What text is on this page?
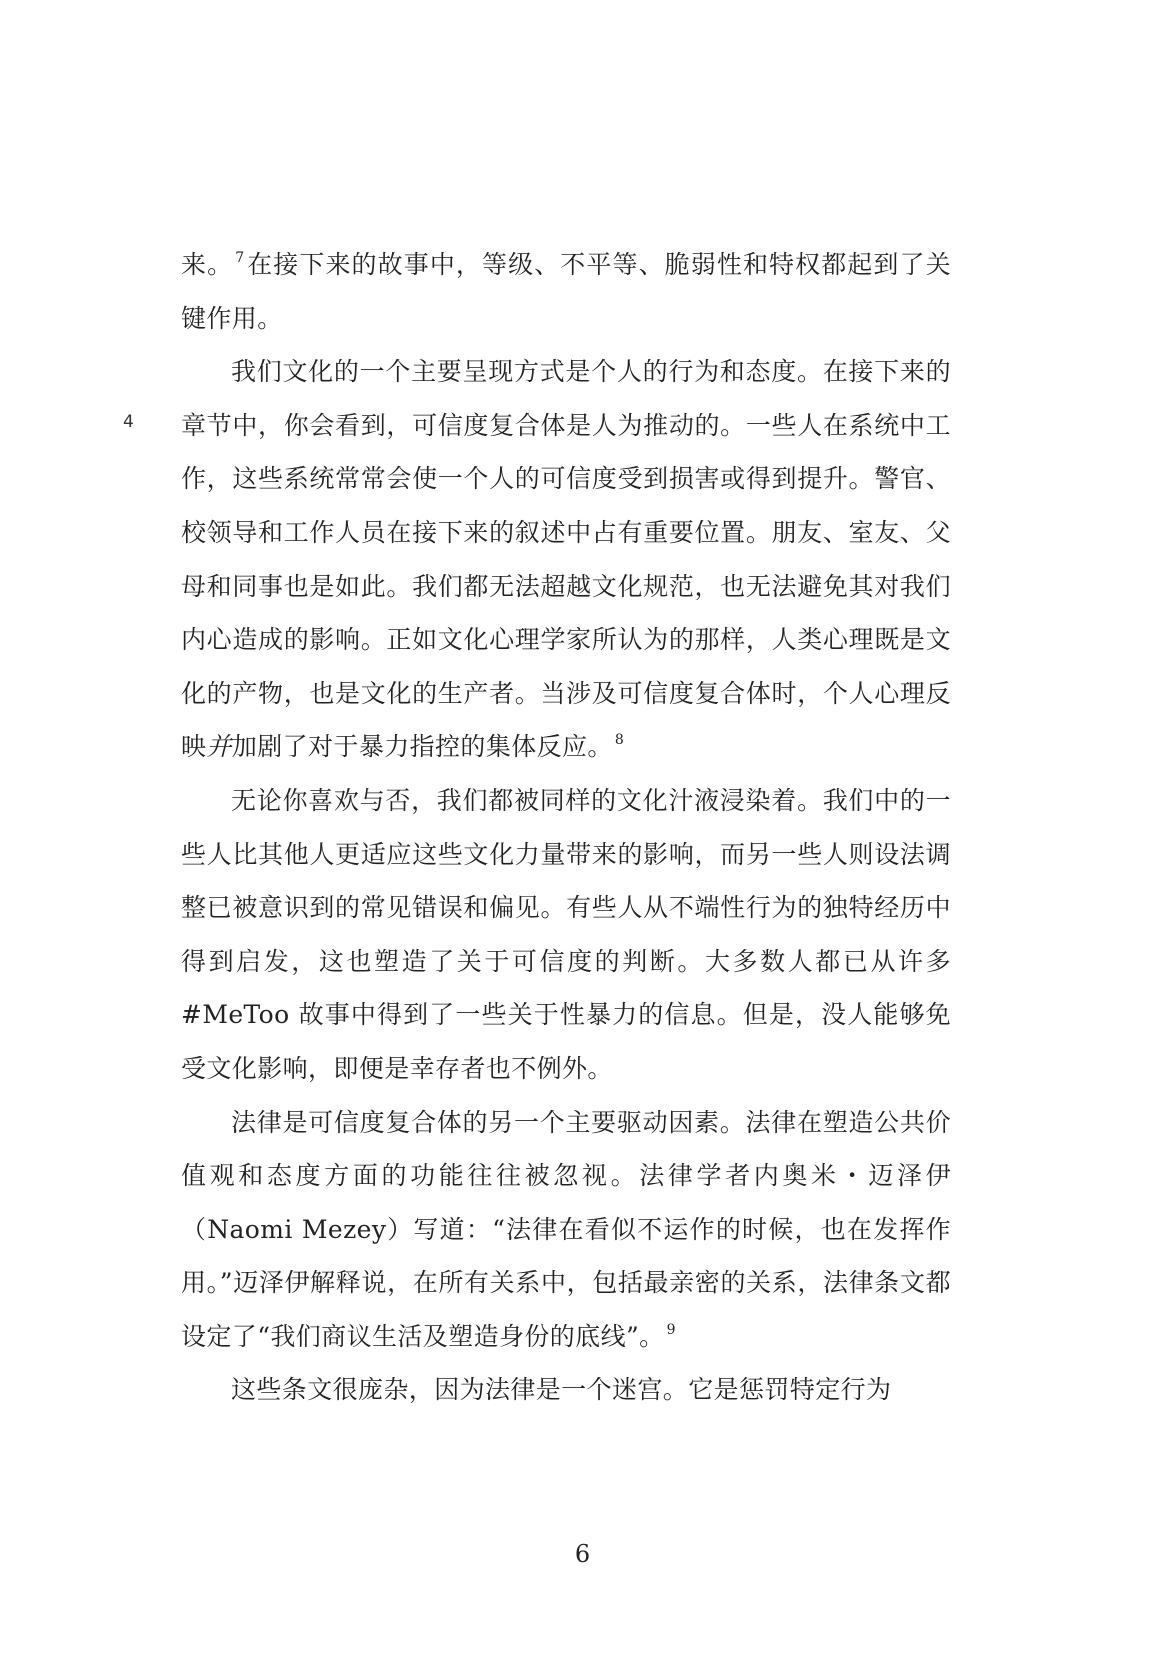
4

来。 $^7$在接下来的故事中，等级、不平等、脆弱性和特权都起到了关键作用。

我们文化的一个主要呈现方式是个人的行为和态度。在接下来的章节中，你会看到，可信度复合体是人为推动的。一些人在系统中工作，这些系统常常会使一个人的可信度受到损害或得到提升。警官、校领导和工作人员在接下来的叙述中占有重要位置。朋友、室友、父母和同事也是如此。我们都无法超越文化规范，也无法避免其对我们内心造成的影响。正如文化心理学家所认为的那样，人类心理既是文化的产物，也是文化的生产者。当涉及可信度复合体时，个人心理反映并加剧了对于暴力指控的集体反应。 $^8$

无论你喜欢与否，我们都被同样的文化汁液浸染着。我们中的一些人比其他人更适应这些文化力量带来的影响，而另一些人则设法调整已被意识到的常见错误和偏见。有些人从不端性行为的独特经历中得到启发，这也塑造了关于可信度的判断。大多数人都已从许多 #MeToo 故事中得到了一些关于性暴力的信息。但是，没人能够免受文化影响，即便是幸存者也不例外。

法律是可信度复合体的另一个主要驱动因素。法律在塑造公共价值观和态度方面的功能往往被忽视。法律学者内奥米・迈泽伊（Naomi Mezey）写道：“法律在看似不运作的时候，也在发挥作用。”迈泽伊解释说，在所有关系中，包括最亲密的关系，法律条文都设定了“我们商议生活及塑造身份的底线”。 $^9$

这些条文很庞杂，因为法律是一个迷宫。它是惩罚特定行为

6
